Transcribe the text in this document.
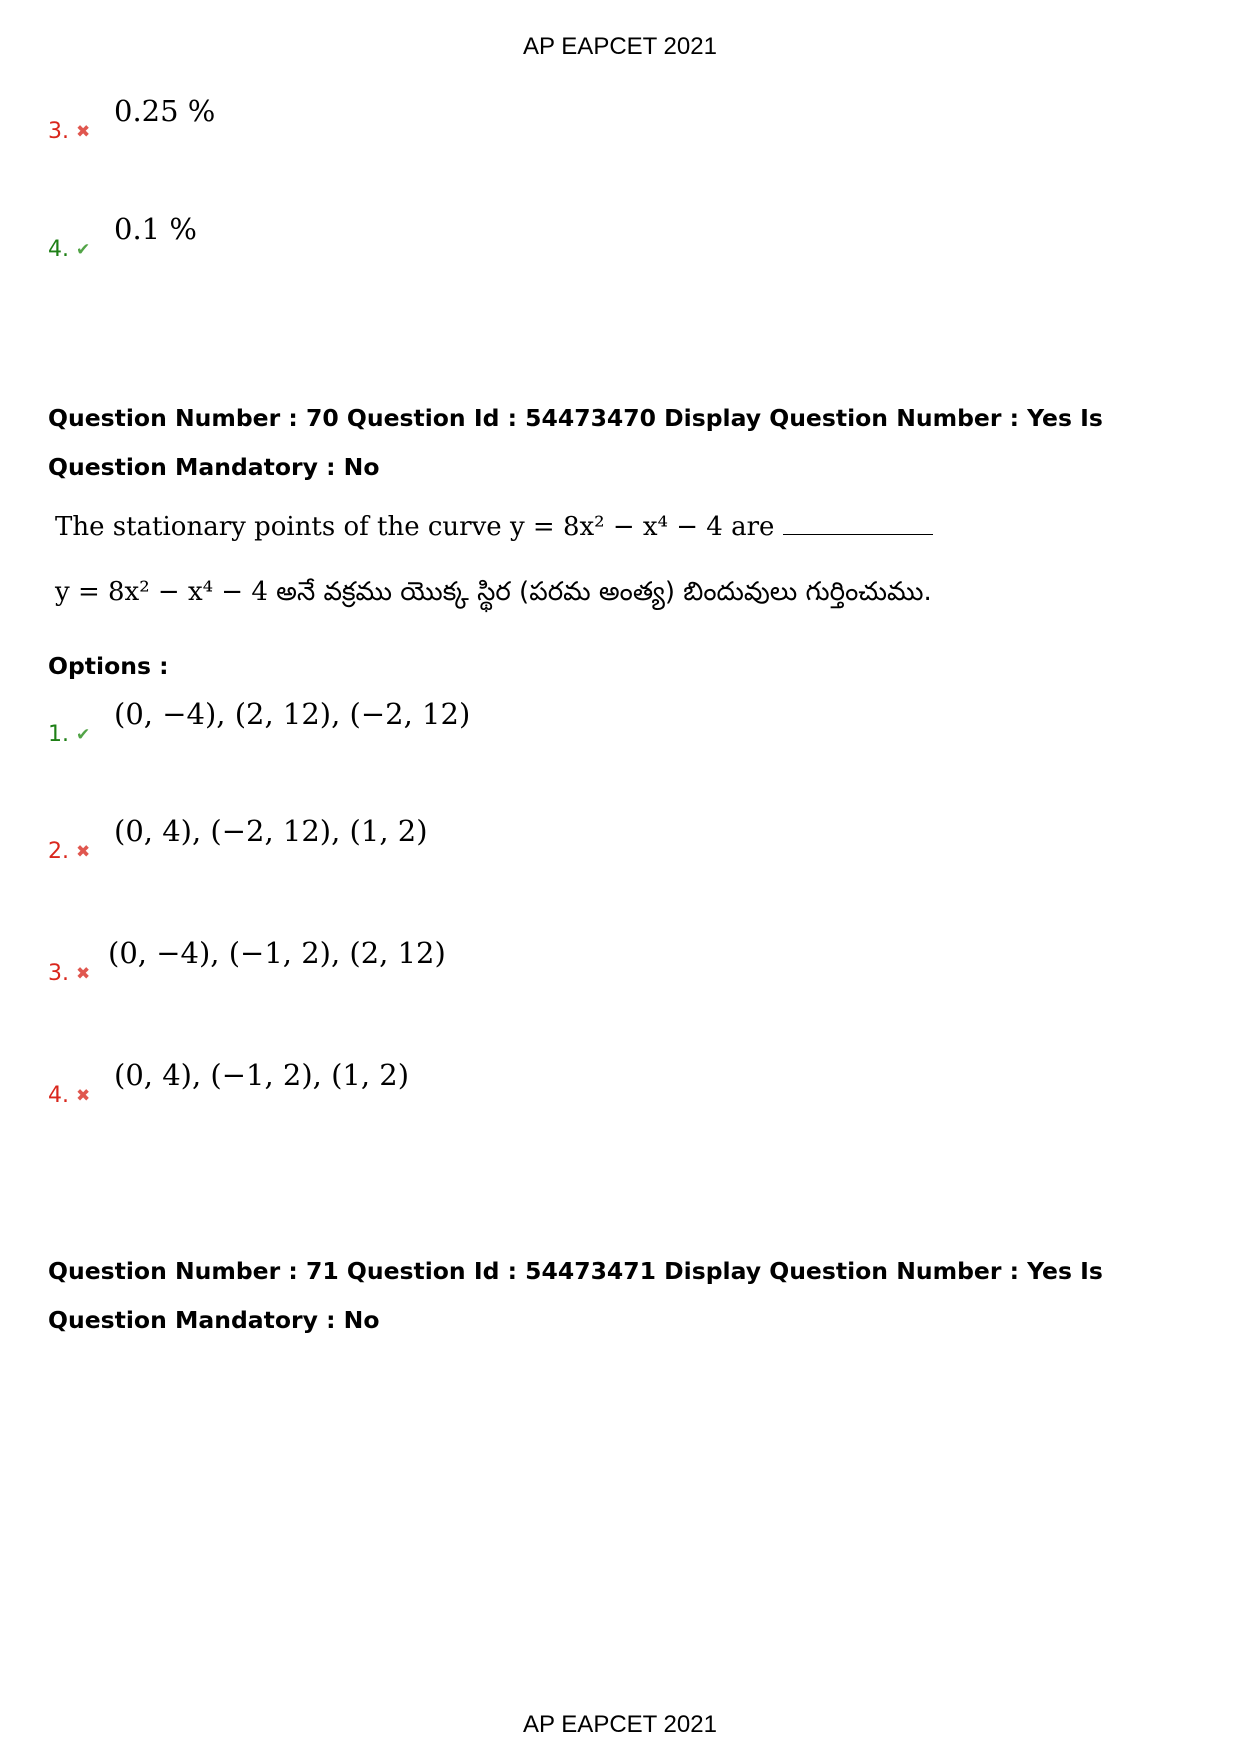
AP EAPCET 2021
3. ✖
0.25 %
4. ✔
0.1 %
Question Number : 70 Question Id : 54473470 Display Question Number : Yes Is Question Mandatory : No
The stationary points of the curve y = 8x² − x⁴ − 4 are
y = 8x² − x⁴ − 4 అనే వక్రము యొక్క స్థిర (పరమ అంత్య) బిందువులు గుర్తించుము.
Options :
1. ✔
(0, −4), (2, 12), (−2, 12)
2. ✖
(0, 4), (−2, 12), (1, 2)
3. ✖
(0, −4), (−1, 2), (2, 12)
4. ✖
(0, 4), (−1, 2), (1, 2)
Question Number : 71 Question Id : 54473471 Display Question Number : Yes Is Question Mandatory : No
AP EAPCET 2021
